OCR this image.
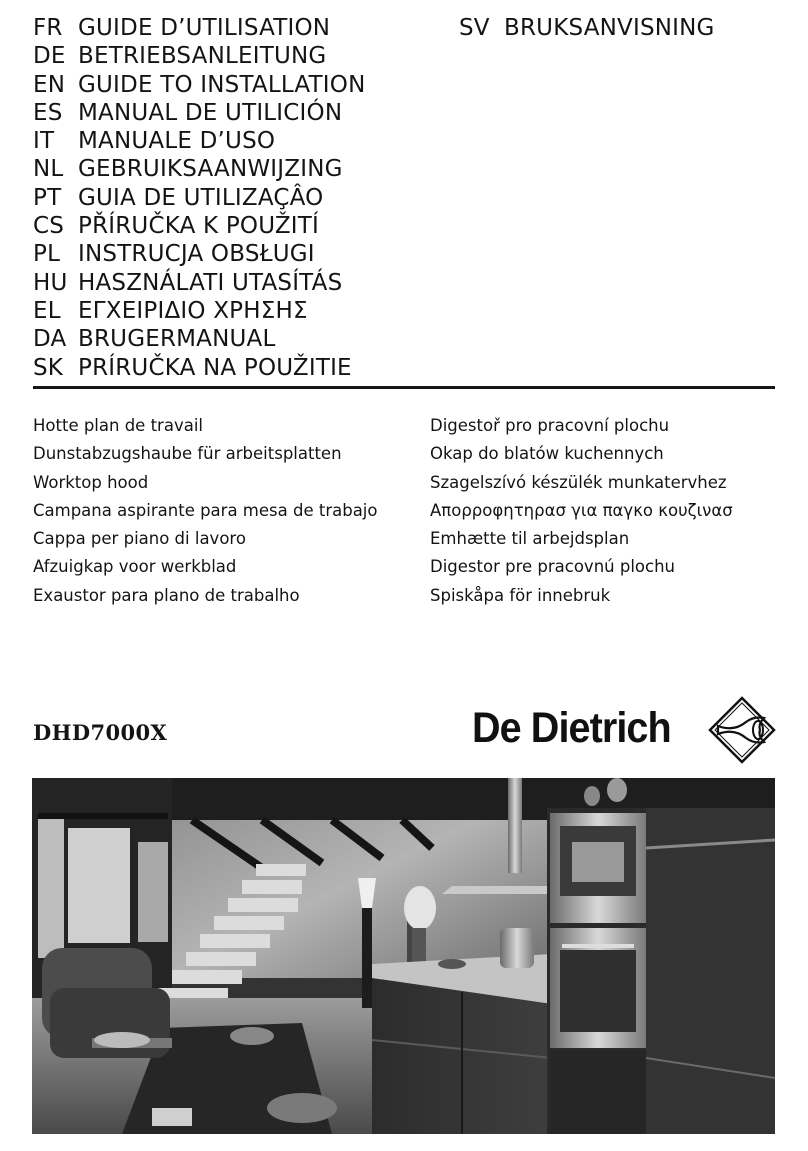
FR GUIDE D’UTILISATION
DE BETRIEBSANLEITUNG
EN GUIDE TO INSTALLATION
ES MANUAL DE UTILICIÓN
IT	MANUALE D’USO
NL GEBRUIKSAANWIJZING
PT GUIA DE UTILIZAÇÂO
CS PŘÍRUČKA K POUŽITÍ
PL INSTRUCJA OBSŁUGI
HU HASZNÁLATI UTASÍTÁS
EL ΕΓΧΕΙΡΙΔΙΟ ΧΡΗΣΗΣ
DA BRUGERMANUAL
SK PRÍRUČKA NA POUŽITIE
SV BRUKSANVISNING
Hotte plan de travail
Dunstabzugshaube für arbeitsplatten
Worktop hood
Campana aspirante para mesa de trabajo
Cappa per piano di lavoro
Afzuigkap voor werkblad
Exaustor para plano de trabalho
Digestoř pro pracovní plochu
Okap do blatów kuchennych
Szagelszívó készülék munkatervhez
Απορροφητηρασ για παγκο κουζινασ
Emhætte til arbejdsplan
Digestor pre pracovnú plochu
Spiskåpa för innebruk
DHD7000X	De Dietrich
